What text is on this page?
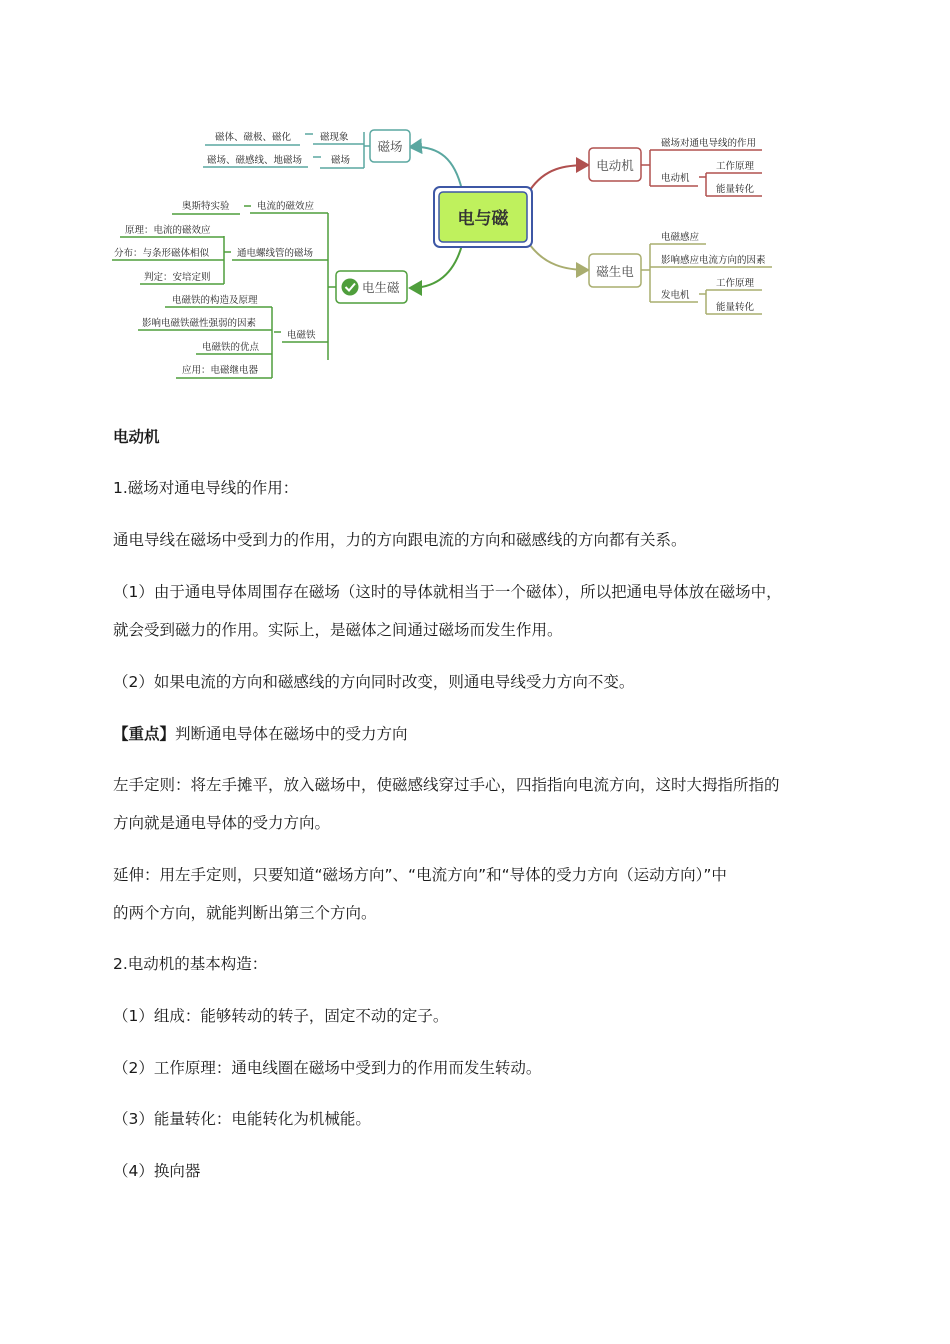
电与磁
磁场
磁现象
磁场
磁体、磁极、磁化
磁场、磁感线、地磁场
电生磁
电流的磁效应
奥斯特实验
通电螺线管的磁场
原理：电流的磁效应
分布：与条形磁体相似
判定：安培定则
电磁铁
电磁铁的构造及原理
影响电磁铁磁性强弱的因素
电磁铁的优点
应用：电磁继电器
电动机
磁场对通电导线的作用
电动机
工作原理
能量转化
磁生电
电磁感应
影响感应电流方向的因素
发电机
工作原理
能量转化

电动机

1.磁场对通电导线的作用：

通电导线在磁场中受到力的作用，力的方向跟电流的方向和磁感线的方向都有关系。

（1）由于通电导体周围存在磁场（这时的导体就相当于一个磁体），所以把通电导体放在磁场中，

就会受到磁力的作用。实际上，是磁体之间通过磁场而发生作用。

（2）如果电流的方向和磁感线的方向同时改变，则通电导线受力方向不变。

【重点】判断通电导体在磁场中的受力方向

左手定则：将左手摊平，放入磁场中，使磁感线穿过手心，四指指向电流方向，这时大拇指所指的

方向就是通电导体的受力方向。

延伸：用左手定则，只要知道“磁场方向”、“电流方向”和“导体的受力方向（运动方向）”中

的两个方向，就能判断出第三个方向。

2.电动机的基本构造：

（1）组成：能够转动的转子，固定不动的定子。

（2）工作原理：通电线圈在磁场中受到力的作用而发生转动。

（3）能量转化：电能转化为机械能。

（4）换向器
